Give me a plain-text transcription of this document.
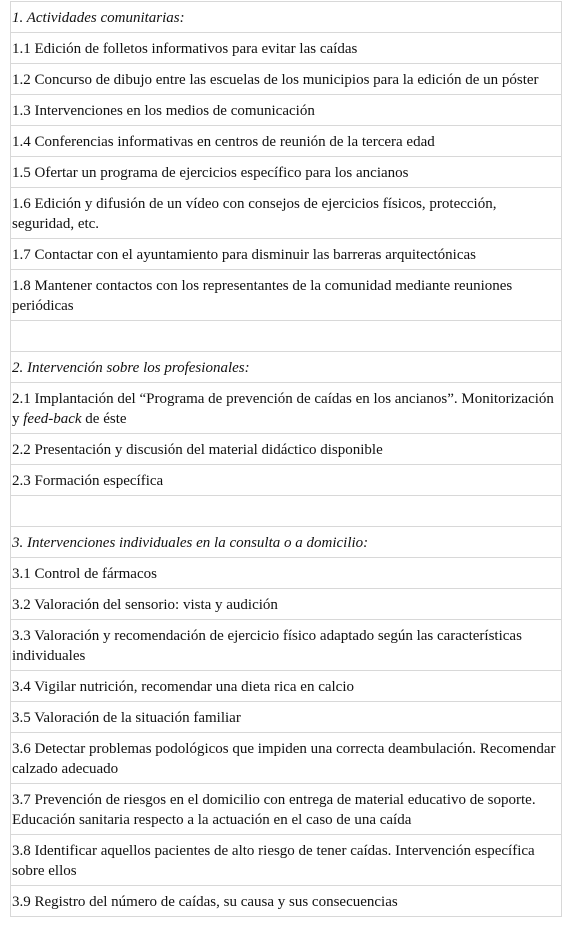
1. Actividades comunitarias:
1.1 Edición de folletos informativos para evitar las caídas
1.2 Concurso de dibujo entre las escuelas de los municipios para la edición de un póster
1.3 Intervenciones en los medios de comunicación
1.4 Conferencias informativas en centros de reunión de la tercera edad
1.5 Ofertar un programa de ejercicios específico para los ancianos
1.6 Edición y difusión de un vídeo con consejos de ejercicios físicos, protección, seguridad, etc.
1.7 Contactar con el ayuntamiento para disminuir las barreras arquitectónicas
1.8 Mantener contactos con los representantes de la comunidad mediante reuniones periódicas

2. Intervención sobre los profesionales:
2.1 Implantación del “Programa de prevención de caídas en los ancianos”. Monitorización y feed-back de éste
2.2 Presentación y discusión del material didáctico disponible
2.3 Formación específica

3. Intervenciones individuales en la consulta o a domicilio:
3.1 Control de fármacos
3.2 Valoración del sensorio: vista y audición
3.3 Valoración y recomendación de ejercicio físico adaptado según las características individuales
3.4 Vigilar nutrición, recomendar una dieta rica en calcio
3.5 Valoración de la situación familiar
3.6 Detectar problemas podológicos que impiden una correcta deambulación. Recomendar calzado adecuado
3.7 Prevención de riesgos en el domicilio con entrega de material educativo de soporte. Educación sanitaria respecto a la actuación en el caso de una caída
3.8 Identificar aquellos pacientes de alto riesgo de tener caídas. Intervención específica sobre ellos
3.9 Registro del número de caídas, su causa y sus consecuencias
